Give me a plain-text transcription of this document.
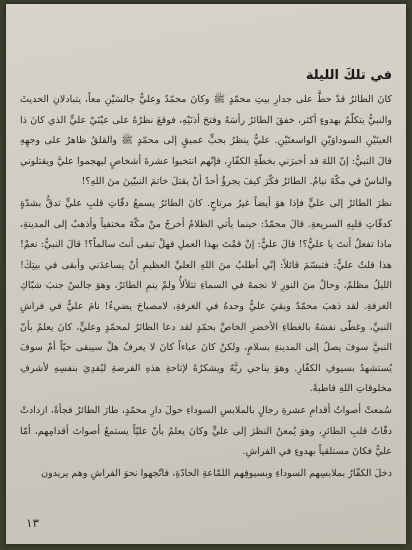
في تلكَ الليلة

كانَ الطائرُ قدْ حطَّ على جدارِ بيتِ محمّدٍ ﷺ وكانَ محمّدٌ وعليٌّ جالسَيْنِ معاً، يتبادلانِ الحديثَ والنبيُّ يتكلّمُ بهدوءٍ أكثر، خفقَ الطائرُ رأسَهُ وفتحَ أذنَيْهِ، فوقعَ نظرُهُ على عيْنَيْ عليٍّ الذي كانَ ذا العينَيْنِ السوداوَيْنِ الواسعتَيْنِ. عليٌّ ينظرُ بحبٍّ عميقٍ إلى محمّدٍ ﷺ والقلقُ ظاهرٌ على وجهِهِ قالَ النبيُّ: إنّ اللهَ قد أخبرَني بخطّةِ الكفّارِ، فإنّهم انتخبوا عشرةَ أشخاصٍ ليهجموا عليَّ ويقتلوني والناسُ في مكّةَ نيامٌ. الطائرُ فكّرَ كيفَ يجرؤُ أحدٌ أنْ يقتلَ خاتمَ النبيّينَ منَ اللهِ؟!

نظرَ الطائرُ إلى عليٍّ فإذا هوَ أيضاً غيرُ مرتاحٍ. كانَ الطائرُ يسمعُ دقّاتِ قلبِ عليٍّ تدقُّ بشدّةٍ كدقّاتِ قلبِهِ السريعةِ. قالَ محمّدٌ: حينما يأتي الظلامُ أخرجُ منْ مكّةَ مختفياً وأذهبُ إلى المدينةِ، ماذا تفعلُ أنتَ يا عليُّ؟! قالَ عليٌّ: إنْ قمْتَ بهذا العملِ فهلْ تبقى أنتَ سالماً؟! قالَ النبيُّ: نعمْ! هذا قلتُ عليٌّ: فتبسّمَ قائلاً: إنّي أطلبُ منَ اللهِ العليِّ العظيمِ أنْ يساعدَني وأبقى في بيتِكَ! الليلُ مظلمٌ، وحالٌ منَ النورِ لا نجمةَ في السماءِ تتلألأُ ولمْ ينمِ الطائرُ، وهوَ جالسٌ جنبَ شبّاكِ الغرفةِ. لقد ذهبَ محمّدٌ وبقيَ عليٌّ وحدهُ في الغرفةِ، لامصباحَ يضيءُ! نامَ عليٌّ في فراشِ النبيِّ، وغطّى نفسَهُ بالغطاءِ الأخضرِ الخاصِّ بحمّدٍ لقد دعا الطائرُ لمحمّدٍ وعليٍّ، كانَ يعلمُ بأنّ النبيَّ سوفَ يصلُ إلى المدينةِ بسلامٍ، ولكنْ كانَ عباءاً كانَ لا يعرفُ هلْ سيبقى حيّاً أمْ سوفَ يُستشهدُ بسيوفِ الكفّارِ. وهوَ يناجي ربَّهُ ويشكرُهُ لإتاحةِ هذهِ الفرصةِ ليُفدِيَ بنفسِهِ لأشرفِ مخلوقاتِ اللهِ قاطبةً.

سُمعتْ أصواتُ أقدامِ عشرةِ رجالٍ بالملابسِ السوداءِ حولَ دارِ محمّدٍ، طارَ الطائرُ فجأةً، ازدادتْ دقّاتُ قلبِ الطائرِ، وهوَ يُمعنُ النظرَ إلى عليٍّ وكانَ يعلمُ بأنّ عليّاً يستمعُ أصواتَ أقدامِهم، أمّا عليٌّ فكانَ مستلقياً بهدوءٍ في الفراشِ.

دخلَ الكفّارُ بملابسِهم السوداءِ وبسيوفِهم اللمّاعةِ الحادّةِ، فاتّجهوا نحوَ الفراشِ وهم يريدون

١٣
